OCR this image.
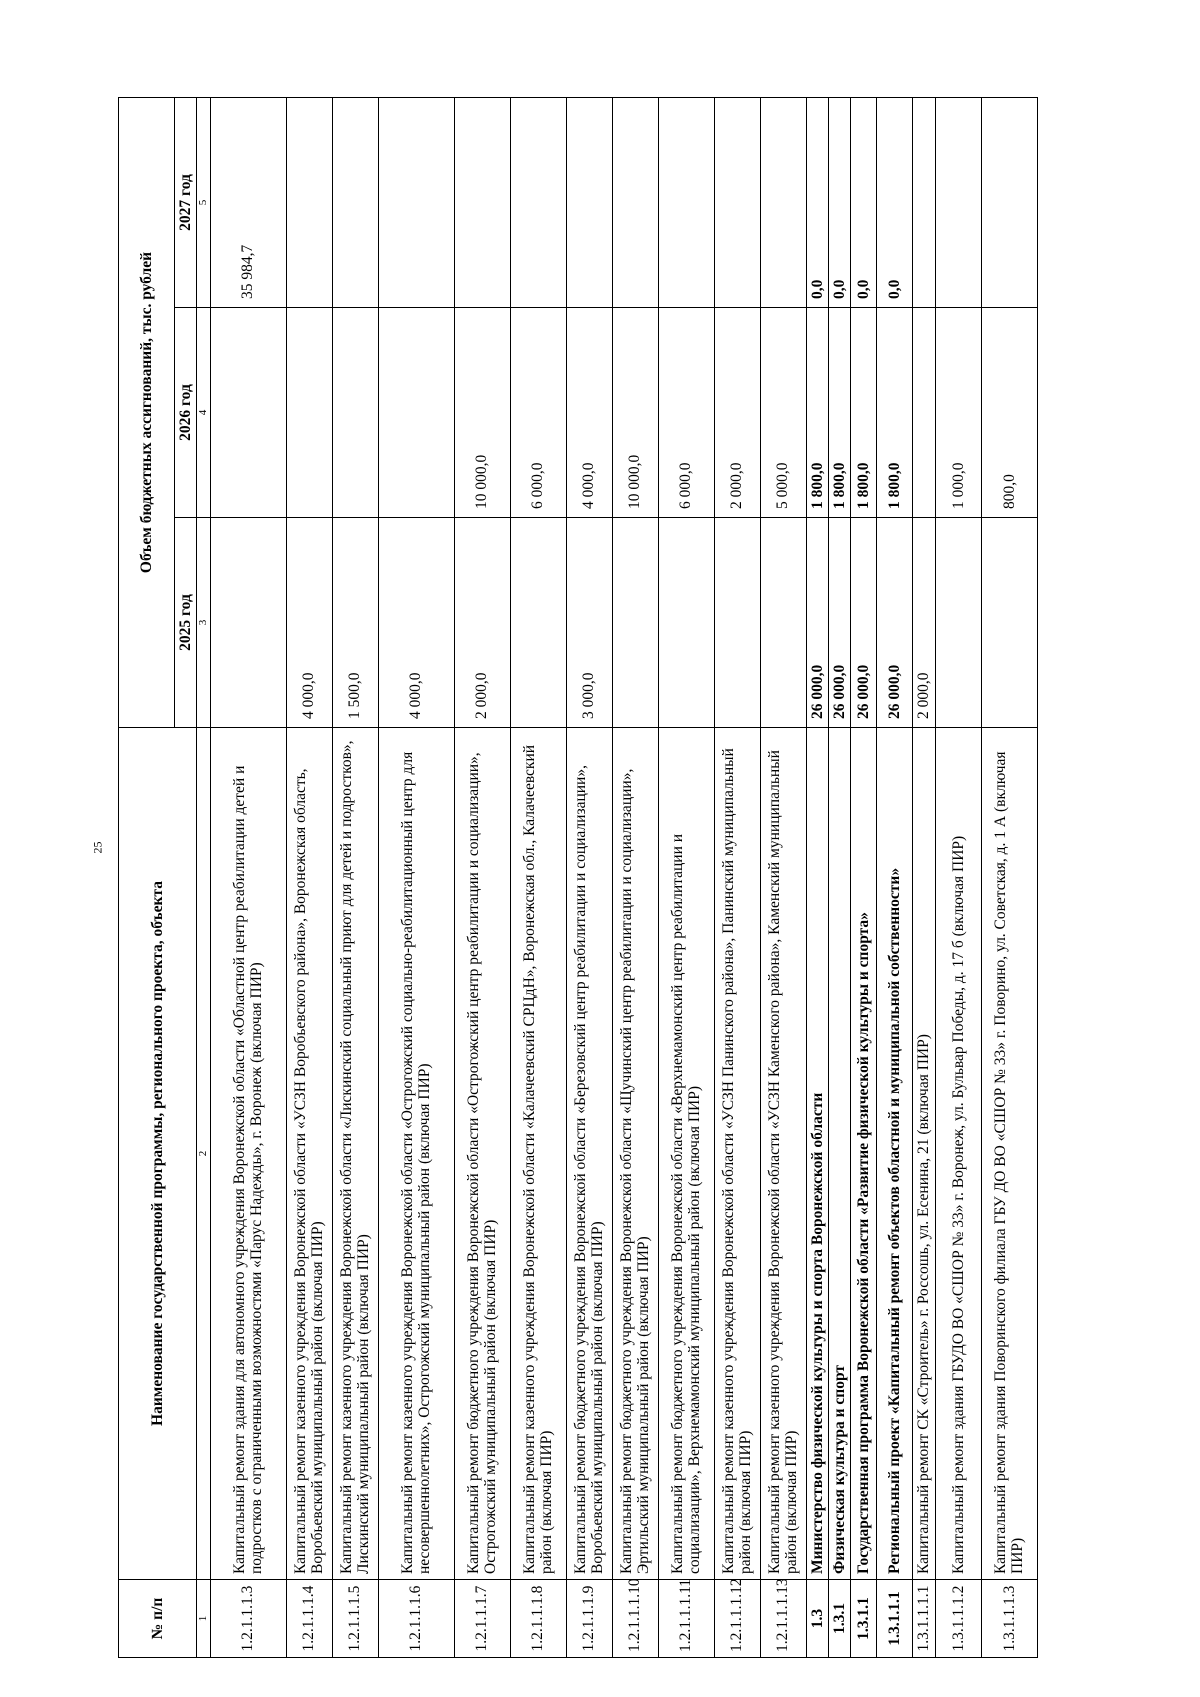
25
№ п/п	Наименование государственной программы, регионального проекта, объекта	Объем бюджетных ассигнований, тыс. рублей		
		2025 год	2026 год	2027 год
1	2	3	4	5
1.2.1.1.1.3	Капитальный ремонт здания для автономного учреждения Воронежской области «Областной центр реабилитации детей и подростков с ограниченными возможностями «Парус Надежды», г. Воронеж (включая ПИР)			35 984,7
1.2.1.1.1.4	Капитальный ремонт казенного учреждения Воронежской области «УСЗН Воробьевского района», Воронежская область, Воробьевский муниципальный район (включая ПИР)	4 000,0		
1.2.1.1.1.5	Капитальный ремонт казенного учреждения Воронежской области «Лискинский социальный приют для детей и подростков», Лискинский муниципальный район (включая ПИР)	1 500,0		
1.2.1.1.1.6	Капитальный ремонт казенного учреждения Воронежской области «Острогожский социально-реабилитационный центр для несовершеннолетних», Острогожский муниципальный район (включая ПИР)	4 000,0		
1.2.1.1.1.7	Капитальный ремонт бюджетного учреждения Воронежской области «Острогожский центр реабилитации и социализации», Острогожский муниципальный район (включая ПИР)	2 000,0	10 000,0	
1.2.1.1.1.8	Капитальный ремонт казенного учреждения Воронежской области «Калачеевский СРЦдН», Воронежская обл., Калачеевский район (включая ПИР)		6 000,0	
1.2.1.1.1.9	Капитальный ремонт бюджетного учреждения Воронежской области «Березовский центр реабилитации и социализации», Воробьевский муниципальный район (включая ПИР)	3 000,0	4 000,0	
1.2.1.1.1.10	Капитальный ремонт бюджетного учреждения Воронежской области «Щучинский центр реабилитации и социализации», Эртильский муниципальный район (включая ПИР)		10 000,0	
1.2.1.1.1.11	Капитальный ремонт бюджетного учреждения Воронежской области «Верхнемамонский центр реабилитации и социализации», Верхнемамонский муниципальный район (включая ПИР)		6 000,0	
1.2.1.1.1.12	Капитальный ремонт казенного учреждения Воронежской области «УСЗН Панинского района», Панинский муниципальный район (включая ПИР)		2 000,0	
1.2.1.1.1.13	Капитальный ремонт казенного учреждения Воронежской области «УСЗН Каменского района», Каменский муниципальный район (включая ПИР)		5 000,0	
1.3	Министерство физической культуры и спорта Воронежской области	26 000,0	1 800,0	0,0
1.3.1	Физическая культура и спорт	26 000,0	1 800,0	0,0
1.3.1.1	Государственная программа Воронежской области «Развитие физической культуры и спорта»	26 000,0	1 800,0	0,0
1.3.1.1.1	Региональный проект «Капитальный ремонт объектов областной и муниципальной собственности»	26 000,0	1 800,0	0,0
1.3.1.1.1.1	Капитальный ремонт СК «Строитель» г. Россошь, ул. Есенина, 21 (включая ПИР)	2 000,0		
1.3.1.1.1.2	Капитальный ремонт здания ГБУДО ВО «СШОР № 33» г. Воронеж, ул. Бульвар Победы, д. 17 б (включая ПИР)		1 000,0	
1.3.1.1.1.3	Капитальный ремонт здания Поворинского филиала ГБУ ДО ВО «СШОР № 33» г. Поворино, ул. Советская, д. 1 А (включая ПИР)		800,0	
